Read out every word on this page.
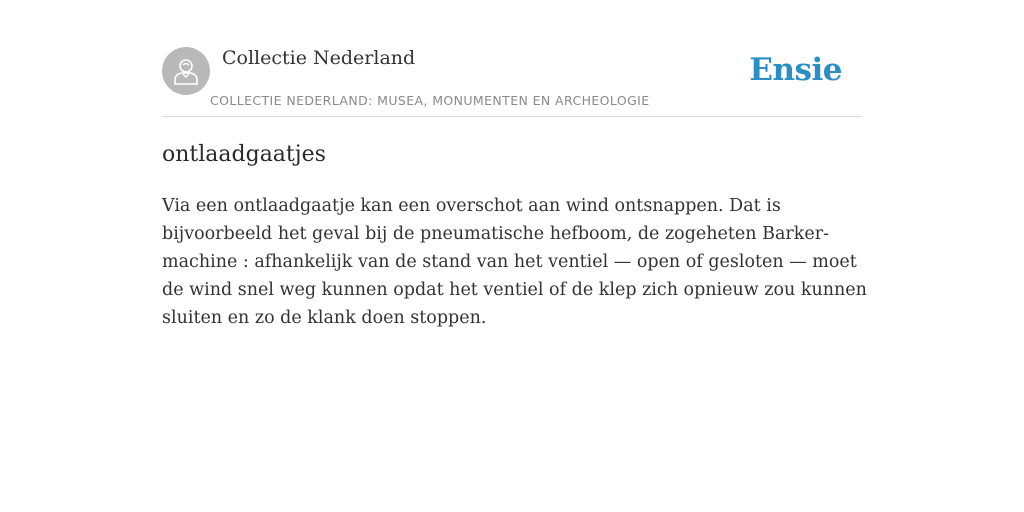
Collectie Nederland
COLLECTIE NEDERLAND: MUSEA, MONUMENTEN EN ARCHEOLOGIE
Ensie
ontlaadgaatjes
Via een ontlaadgaatje kan een overschot aan wind ontsnappen. Dat is
bijvoorbeeld het geval bij de pneumatische hefboom, de zogeheten Barker-
machine : afhankelijk van de stand van het ventiel — open of gesloten — moet
de wind snel weg kunnen opdat het ventiel of de klep zich opnieuw zou kunnen
sluiten en zo de klank doen stoppen.
